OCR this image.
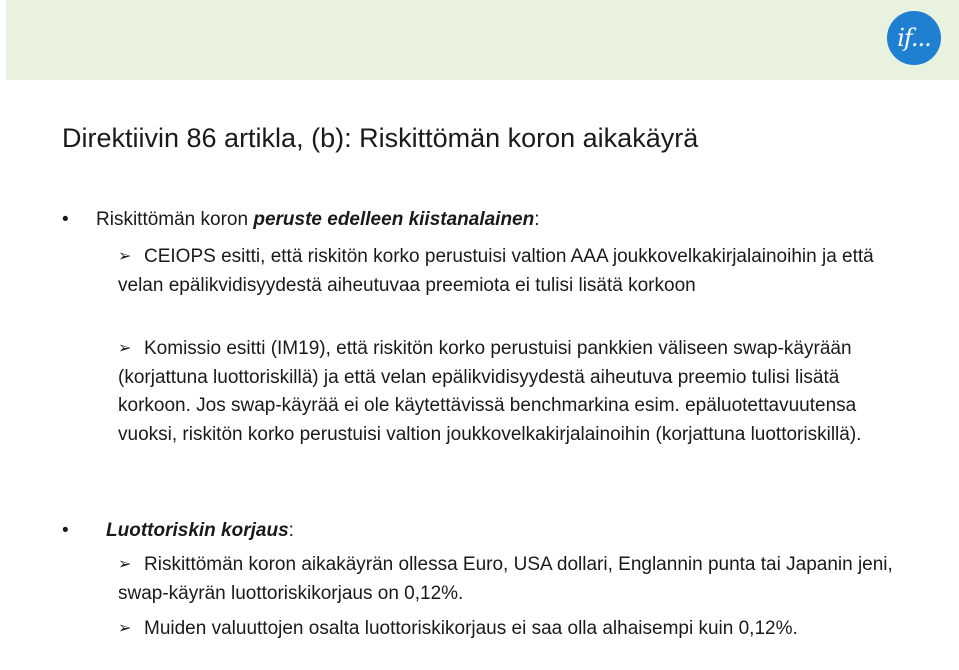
if...
Direktiivin 86 artikla, (b): Riskittömän koron aikakäyrä
• Riskittömän koron peruste edelleen kiistanalainen:

➢ CEIOPS esitti, että riskitön korko perustuisi valtion AAA joukkovelkakirjalainoihin ja että velan epälikvidisyydestä aiheutuvaa preemiota ei tulisi lisätä korkoon

➢ Komissio esitti (IM19), että riskitön korko perustuisi pankkien väliseen swap-käyrään (korjattuna luottoriskillä) ja että velan epälikvidisyydestä aiheutuva preemio tulisi lisätä korkoon. Jos swap-käyrää ei ole käytettävissä benchmarkina esim. epäluotettavuutensa vuoksi, riskitön korko perustuisi valtion joukkovelkakirjalainoihin (korjattuna luottoriskillä).

• Luottoriskin korjaus:

➢ Riskittömän koron aikakäyrän ollessa Euro, USA dollari, Englannin punta tai Japanin jeni, swap-käyrän luottoriskikorjaus on 0,12%.

➢ Muiden valuuttojen osalta luottoriskikorjaus ei saa olla alhaisempi kuin 0,12%.
